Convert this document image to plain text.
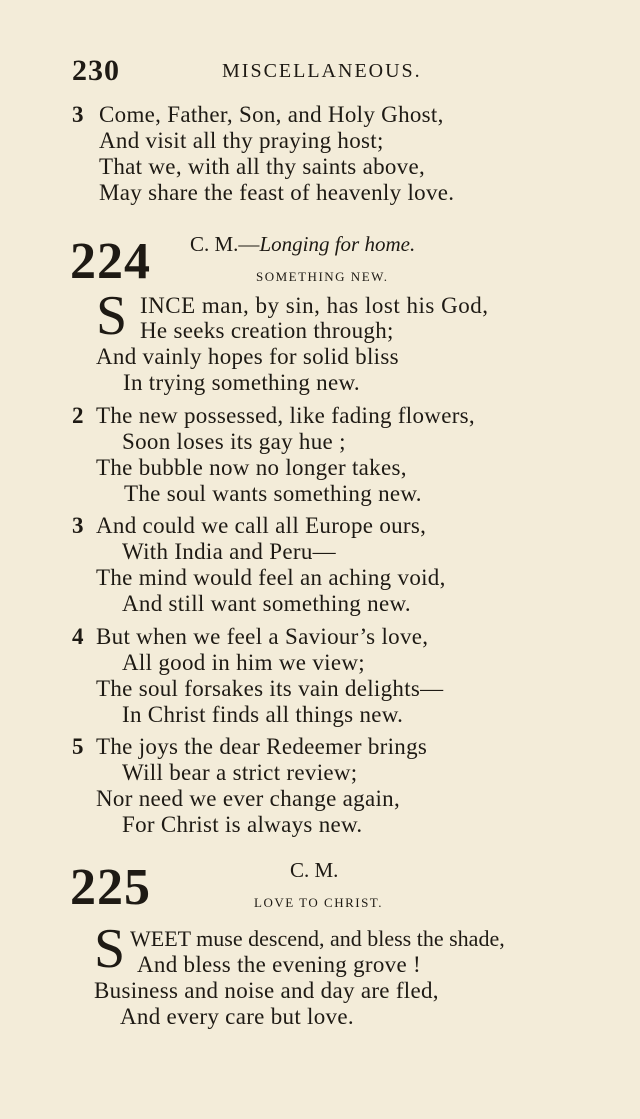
230	MISCELLANEOUS.
3 Come, Father, Son, and Holy Ghost,
And visit all thy praying host;
That we, with all thy saints above,
May share the feast of heavenly love.
224 C. M.—Longing for home.
SOMETHING NEW.
S INCE man, by sin, has lost his God,
He seeks creation through;
And vainly hopes for solid bliss
In trying something new.
2 The new possessed, like fading flowers,
Soon loses its gay hue ;
The bubble now no longer takes,
The soul wants something new.
3 And could we call all Europe ours,
With India and Peru—
The mind would feel an aching void,
And still want something new.
4 But when we feel a Saviour’s love,
All good in him we view;
The soul forsakes its vain delights—
In Christ finds all things new.
5 The joys the dear Redeemer brings
Will bear a strict review;
Nor need we ever change again,
For Christ is always new.
225	C. M.
LOVE TO CHRIST.
S WEET muse descend, and bless the shade,
And bless the evening grove !
Business and noise and day are fled,
And every care but love.
